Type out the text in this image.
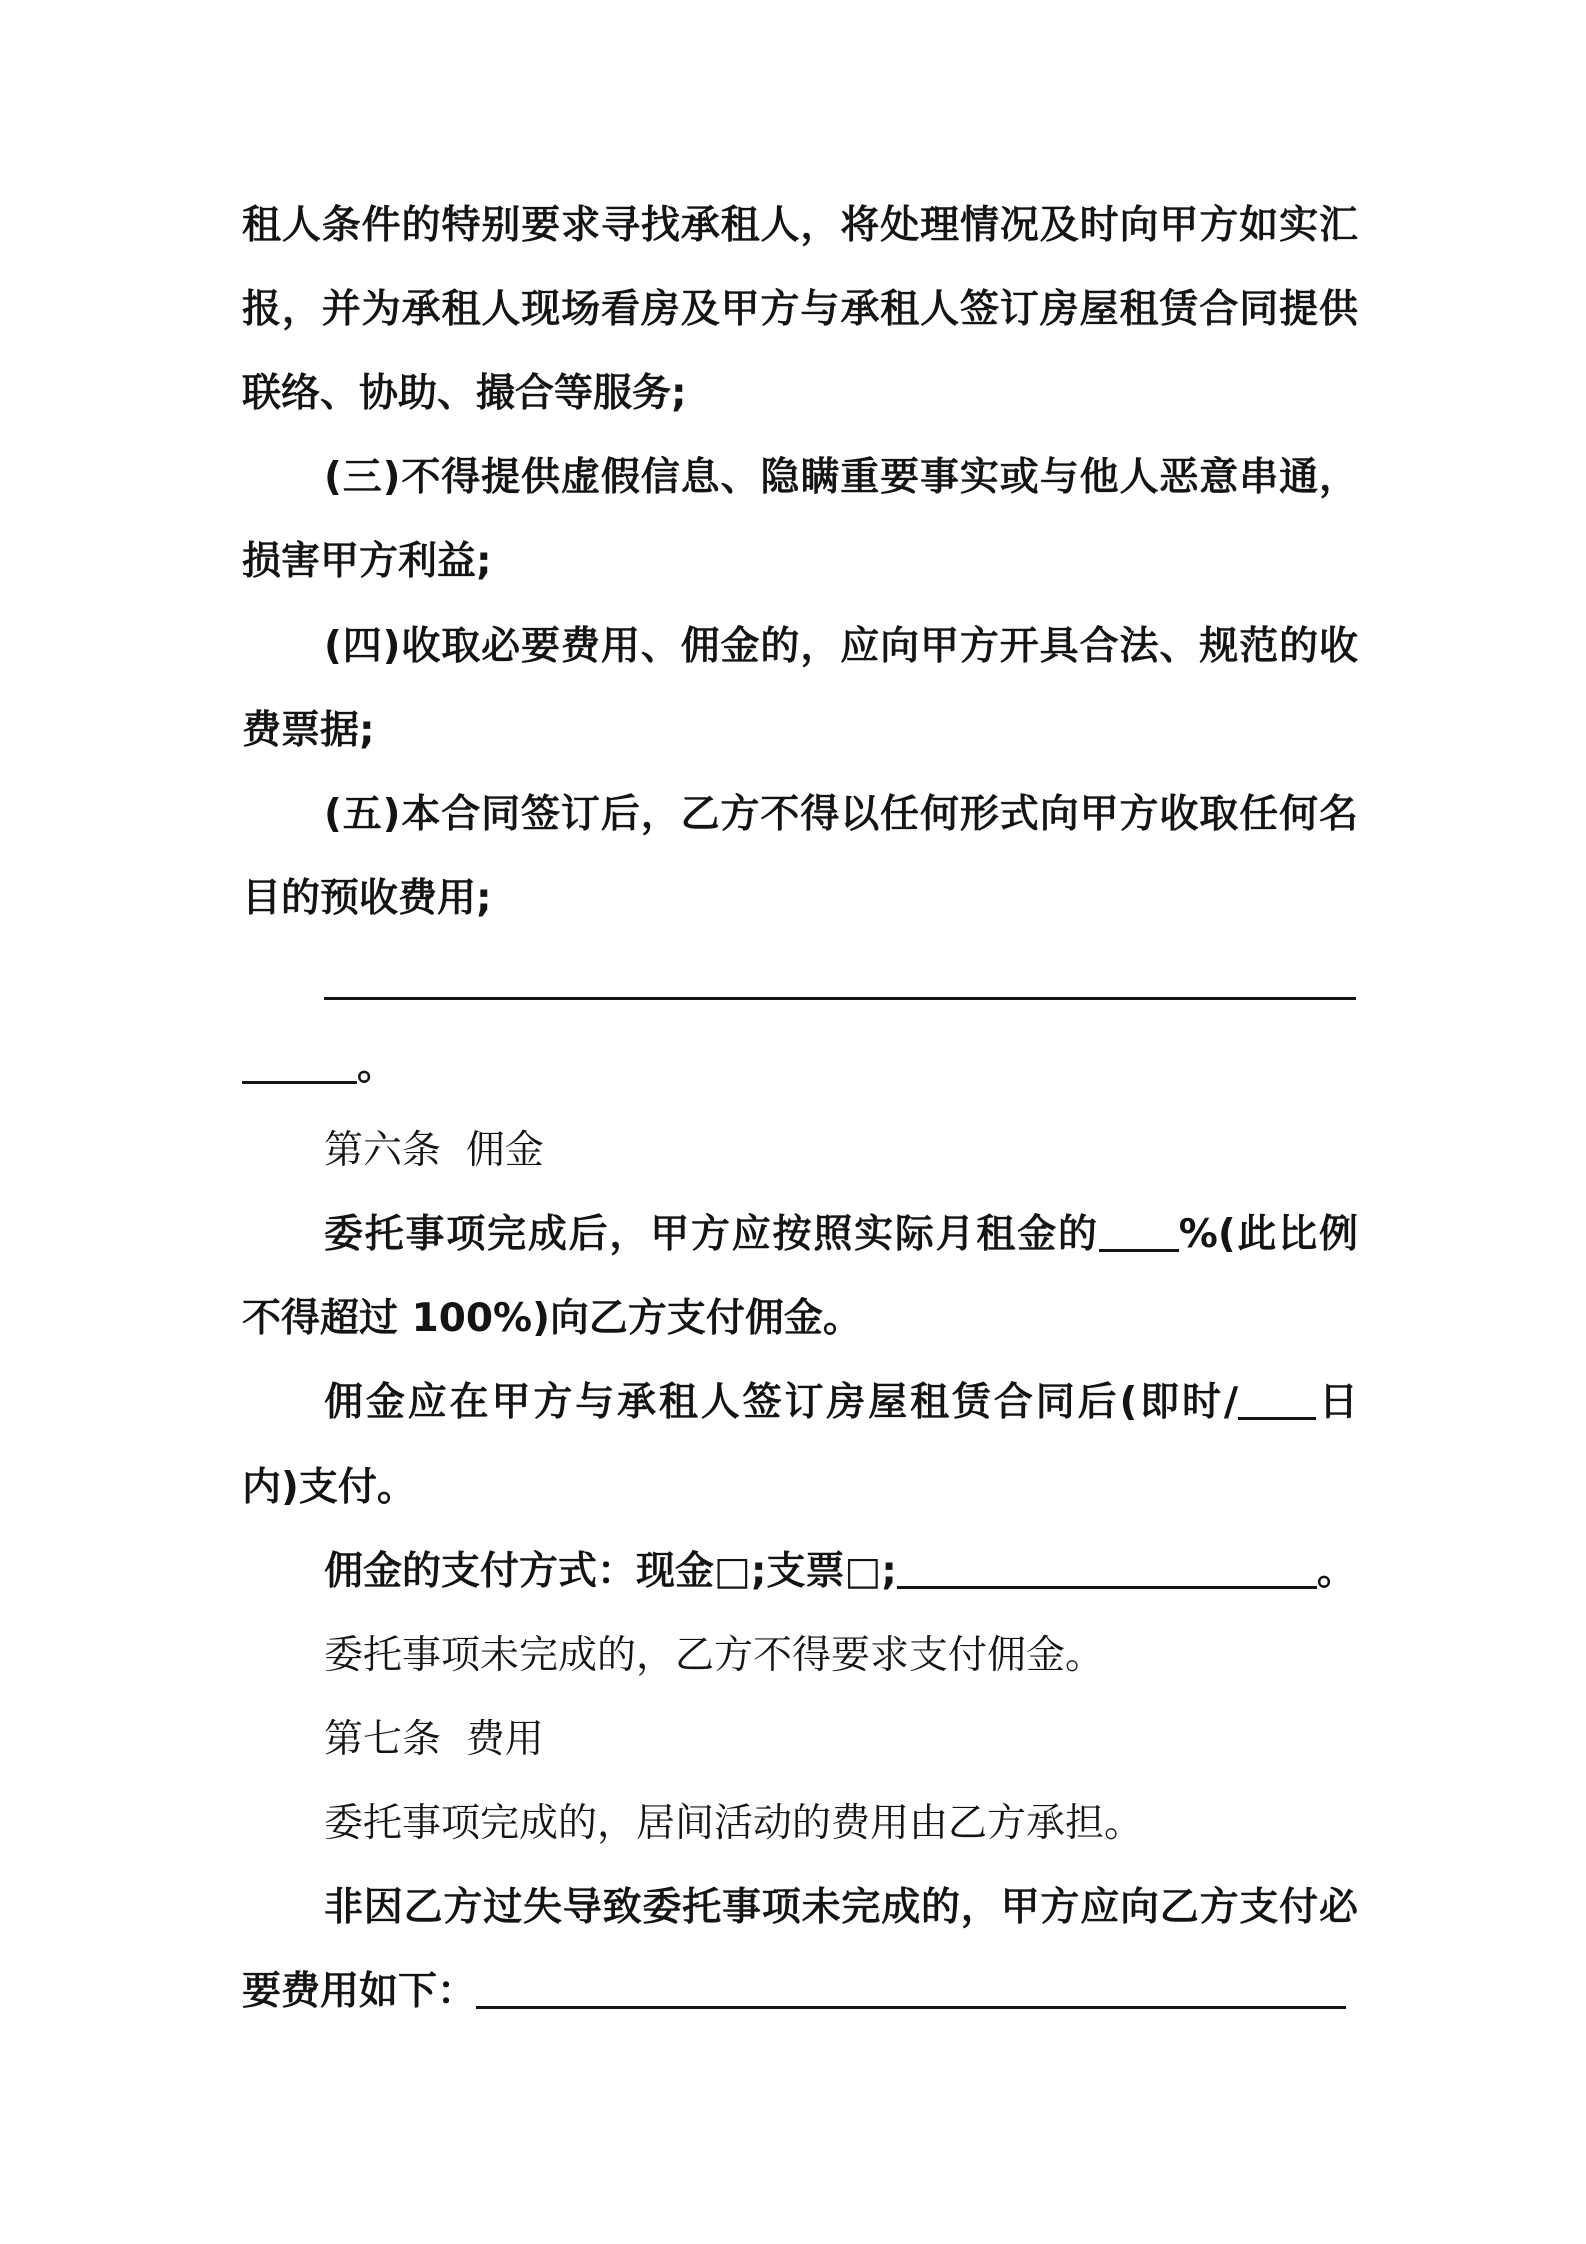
租人条件的特别要求寻找承租人，将处理情况及时向甲方如实汇
报，并为承租人现场看房及甲方与承租人签订房屋租赁合同提供
联络、协助、撮合等服务;
(三)不得提供虚假信息、隐瞒重要事实或与他人恶意串通，
损害甲方利益;
(四)收取必要费用、佣金的，应向甲方开具合法、规范的收
费票据;
(五)本合同签订后，乙方不得以任何形式向甲方收取任何名
目的预收费用;
。
第六条  佣金
委托事项完成后，甲方应按照实际月租金的 %(此比例
不得超过 100%)向乙方支付佣金。
佣金应在甲方与承租人签订房屋租赁合同后(即时/ 日
内)支付。
佣金的支付方式：现金□;支票□;	。
委托事项未完成的，乙方不得要求支付佣金。
第七条  费用
委托事项完成的，居间活动的费用由乙方承担。
非因乙方过失导致委托事项未完成的，甲方应向乙方支付必
要费用如下：
